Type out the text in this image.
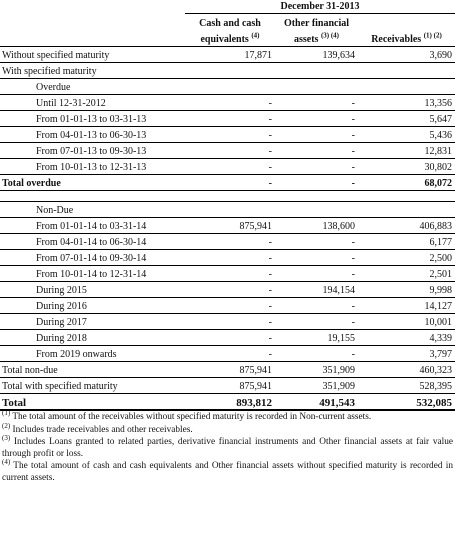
	December 31-2013		
	Cash and cash	Other financial	
	equivalents $^{(4)}$	assets $^{(3) (4)}$	Receivables $^{(1) (2)}$
Without specified maturity	17,871	139,634	3,690
With specified maturity			
Overdue			
Until 12-31-2012	-	-	13,356
From 01-01-13 to 03-31-13	-	-	5,647
From 04-01-13 to 06-30-13	-	-	5,436
From 07-01-13 to 09-30-13	-	-	12,831
From 10-01-13 to 12-31-13	-	-	30,802
Total overdue	-	-	68,072

Non-Due			
From 01-01-14 to 03-31-14	875,941	138,600	406,883
From 04-01-14 to 06-30-14	-	-	6,177
From 07-01-14 to 09-30-14	-	-	2,500
From 10-01-14 to 12-31-14	-	-	2,501
During 2015	-	194,154	9,998
During 2016	-	-	14,127
During 2017	-	-	10,001
During 2018	-	19,155	4,339
From 2019 onwards	-	-	3,797
Total non-due	875,941	351,909	460,323
Total with specified maturity	875,941	351,909	528,395
Total	893,812	491,543	532,085

$^{(1)}$ The total amount of the receivables without specified maturity is recorded in Non-current assets.

$^{(2)}$ Includes trade receivables and other receivables.

$^{(3)}$ Includes Loans granted to related parties, derivative financial instruments and Other financial assets at fair value through profit or loss.

$^{(4)}$ The total amount of cash and cash equivalents and Other financial assets without specified maturity is recorded in current assets.
